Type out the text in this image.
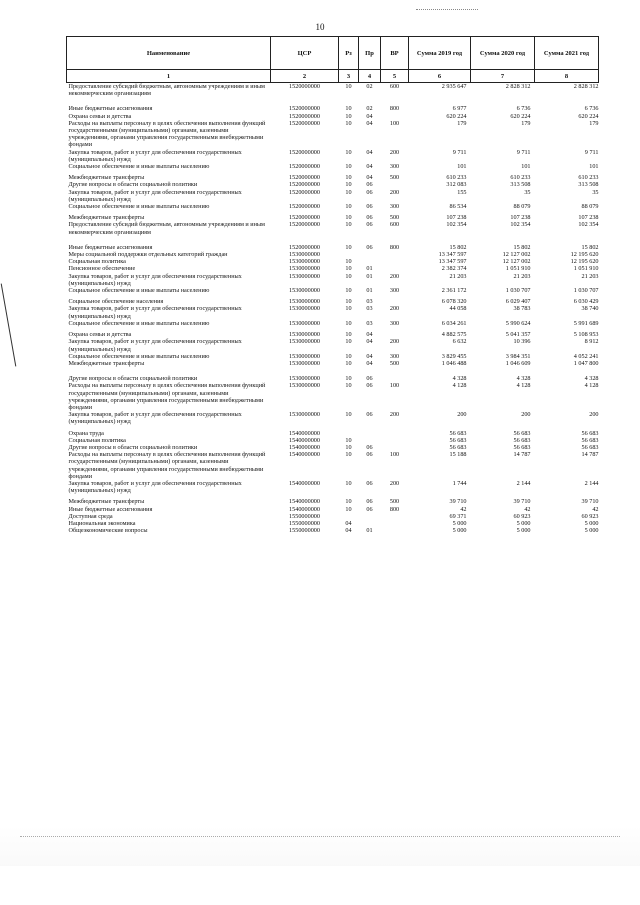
10
Наименование	ЦСР	Рз	Пр	ВР	Сумма 2019 год	Сумма 2020 год	Сумма 2021 год
1	2	3	4	5	6	7	8
Предоставление субсидий бюджетным, автономным учреждениям и иным некоммерческим организациям	1520000000	10	02	600	2 935 647	2 828 312	2 828 312

Иные бюджетные ассигнования	1520000000	10	02	800	6 977	6 736	6 736
Охрана семьи и детства	1520000000	10	04		620 224	620 224	620 224
Расходы на выплаты персоналу в целях обеспечения выполнения функций государственными (муниципальными) органами, казенными учреждениями, органами управления государственными внебюджетными фондами	1520000000	10	04	100	179	179	179
Закупка товаров, работ и услуг для обеспечения государственных (муниципальных) нужд	1520000000	10	04	200	9 711	9 711	9 711
Социальное обеспечение и иные выплаты населению	1520000000	10	04	300	101	101	101

Межбюджетные трансферты	1520000000	10	04	500	610 233	610 233	610 233
Другие вопросы в области социальной политики	1520000000	10	06		312 083	313 508	313 508
Закупка товаров, работ и услуг для обеспечения государственных (муниципальных) нужд	1520000000	10	06	200	155	35	35
Социальное обеспечение и иные выплаты населению	1520000000	10	06	300	86 534	88 079	88 079

Межбюджетные трансферты	1520000000	10	06	500	107 238	107 238	107 238
Предоставление субсидий бюджетным, автономным учреждениям и иным некоммерческим организациям	1520000000	10	06	600	102 354	102 354	102 354

Иные бюджетные ассигнования	1520000000	10	06	800	15 802	15 802	15 802
Меры социальной поддержки отдельных категорий граждан	1530000000				13 347 597	12 127 002	12 195 620
Социальная политика	1530000000	10			13 347 597	12 127 002	12 195 620
Пенсионное обеспечение	1530000000	10	01		2 382 374	1 051 910	1 051 910
Закупка товаров, работ и услуг для обеспечения государственных (муниципальных) нужд	1530000000	10	01	200	21 203	21 203	21 203
Социальное обеспечение и иные выплаты населению	1530000000	10	01	300	2 361 172	1 030 707	1 030 707

Социальное обеспечение населения	1530000000	10	03		6 078 320	6 029 407	6 030 429
Закупка товаров, работ и услуг для обеспечения государственных (муниципальных) нужд	1530000000	10	03	200	44 058	38 783	38 740
Социальное обеспечение и иные выплаты населению	1530000000	10	03	300	6 034 261	5 990 624	5 991 689

Охрана семьи и детства	1530000000	10	04		4 882 575	5 041 357	5 108 953
Закупка товаров, работ и услуг для обеспечения государственных (муниципальных) нужд	1530000000	10	04	200	6 632	10 396	8 912
Социальное обеспечение и иные выплаты населению	1530000000	10	04	300	3 829 455	3 984 351	4 052 241
Межбюджетные трансферты	1530000000	10	04	500	1 046 488	1 046 609	1 047 800

Другие вопросы в области социальной политики	1530000000	10	06		4 328	4 328	4 328
Расходы на выплаты персоналу в целях обеспечения выполнения функций государственными (муниципальными) органами, казенными учреждениями, органами управления государственными внебюджетными фондами	1530000000	10	06	100	4 128	4 128	4 128
Закупка товаров, работ и услуг для обеспечения государственных (муниципальных) нужд	1530000000	10	06	200	200	200	200

Охрана труда	1540000000				56 683	56 683	56 683
Социальная политика	1540000000	10			56 683	56 683	56 683
Другие вопросы в области социальной политики	1540000000	10	06		56 683	56 683	56 683
Расходы на выплаты персоналу в целях обеспечения выполнения функций государственными (муниципальными) органами, казенными учреждениями, органами управления государственными внебюджетными фондами	1540000000	10	06	100	15 188	14 787	14 787
Закупка товаров, работ и услуг для обеспечения государственных (муниципальных) нужд	1540000000	10	06	200	1 744	2 144	2 144

Межбюджетные трансферты	1540000000	10	06	500	39 710	39 710	39 710
Иные бюджетные ассигнования	1540000000	10	06	800	42	42	42
Доступная среда	1550000000				69 371	60 923	60 923
Национальная экономика	1550000000	04			5 000	5 000	5 000
Общеэкономические вопросы	1550000000	04	01		5 000	5 000	5 000
